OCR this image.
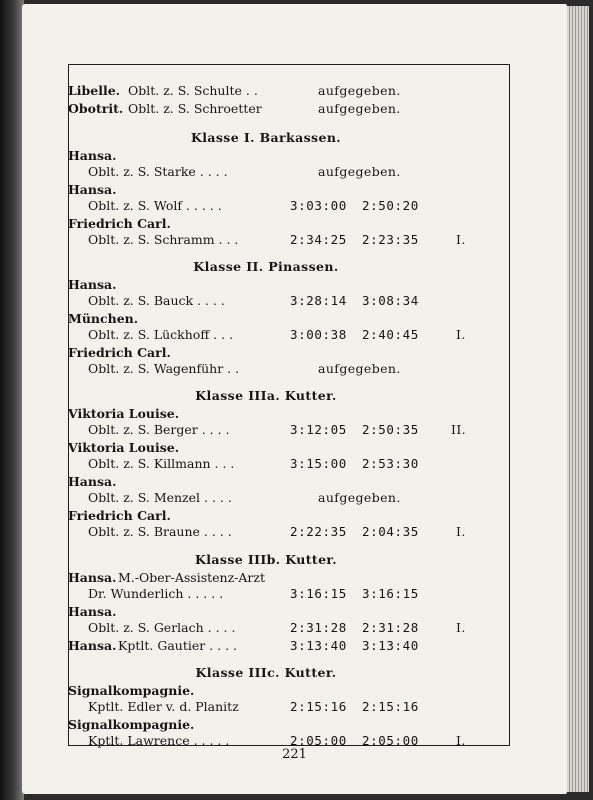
221
Libelle. Oblt. z. S. Schulte . .	aufgegeben.
Obotrit. Oblt. z. S. Schroetter	aufgegeben.
Klasse I. Barkassen.
Hansa.
Oblt. z. S. Starke . . . .	aufgegeben.
Hansa.
Oblt. z. S. Wolf . . . . .	3:03:00 2:50:20
Friedrich Carl.
Oblt. z. S. Schramm . . .	2:34:25 2:23:35	I.
Klasse II. Pinassen.
Hansa.
Oblt. z. S. Bauck . . . .	3:28:14 3:08:34
München.
Oblt. z. S. Lückhoff . . .	3:00:38 2:40:45	I.
Friedrich Carl.
Oblt. z. S. Wagenführ . .	aufgegeben.
Klasse IIIa. Kutter.
Viktoria Louise.
Oblt. z. S. Berger . . . .	3:12:05 2:50:35	II.
Viktoria Louise.
Oblt. z. S. Killmann . . .	3:15:00 2:53:30
Hansa.
Oblt. z. S. Menzel . . . .	aufgegeben.
Friedrich Carl.
Oblt. z. S. Braune . . . .	2:22:35 2:04:35	I.
Klasse IIIb. Kutter.
Hansa. M.-Ober-Assistenz-Arzt
Dr. Wunderlich . . . . .	3:16:15 3:16:15
Hansa.
Oblt. z. S. Gerlach . . . .	2:31:28 2:31:28	I.
Hansa. Kptlt. Gautier . . . .	3:13:40 3:13:40
Klasse IIIc. Kutter.
Signalkompagnie.
Kptlt. Edler v. d. Planitz	2:15:16 2:15:16
Signalkompagnie.
Kptlt. Lawrence . . . . .	2:05:00 2:05:00	I.
